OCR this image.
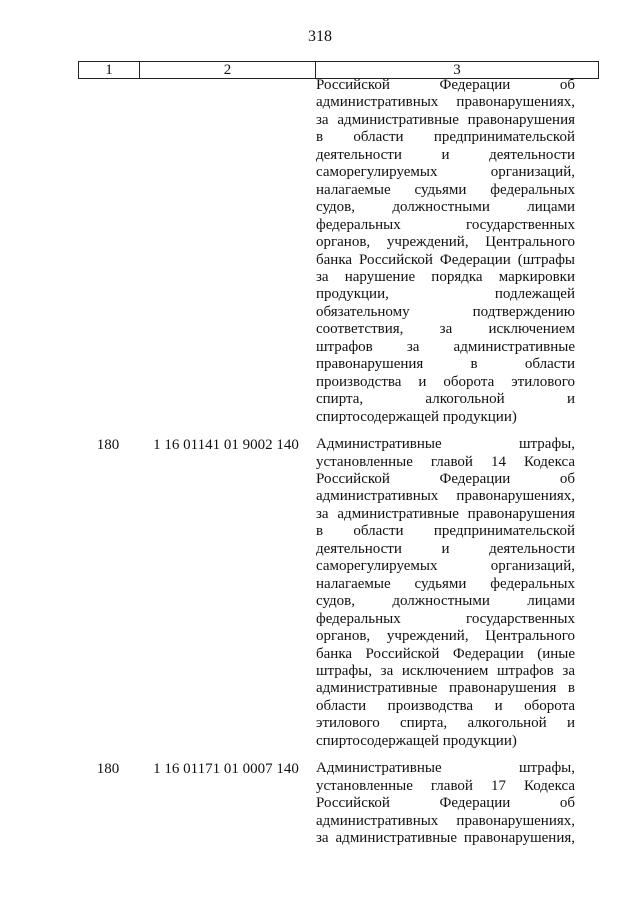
318
1	2	3
Российской Федерации об
административных правонарушениях,
за административные правонарушения
в области предпринимательской
деятельности и деятельности
саморегулируемых организаций,
налагаемые судьями федеральных
судов, должностными лицами
федеральных государственных
органов, учреждений, Центрального
банка Российской Федерации (штрафы
за нарушение порядка маркировки
продукции, подлежащей
обязательному подтверждению
соответствия, за исключением
штрафов за административные
правонарушения в области
производства и оборота этилового
спирта, алкогольной и
спиртосодержащей продукции)
180	1 16 01141 01 9002 140	Административные штрафы,
установленные главой 14 Кодекса
Российской Федерации об
административных правонарушениях,
за административные правонарушения
в области предпринимательской
деятельности и деятельности
саморегулируемых организаций,
налагаемые судьями федеральных
судов, должностными лицами
федеральных государственных
органов, учреждений, Центрального
банка Российской Федерации (иные
штрафы, за исключением штрафов за
административные правонарушения в
области производства и оборота
этилового спирта, алкогольной и
спиртосодержащей продукции)
180	1 16 01171 01 0007 140	Административные штрафы,
установленные главой 17 Кодекса
Российской Федерации об
административных правонарушениях,
за административные правонарушения,
